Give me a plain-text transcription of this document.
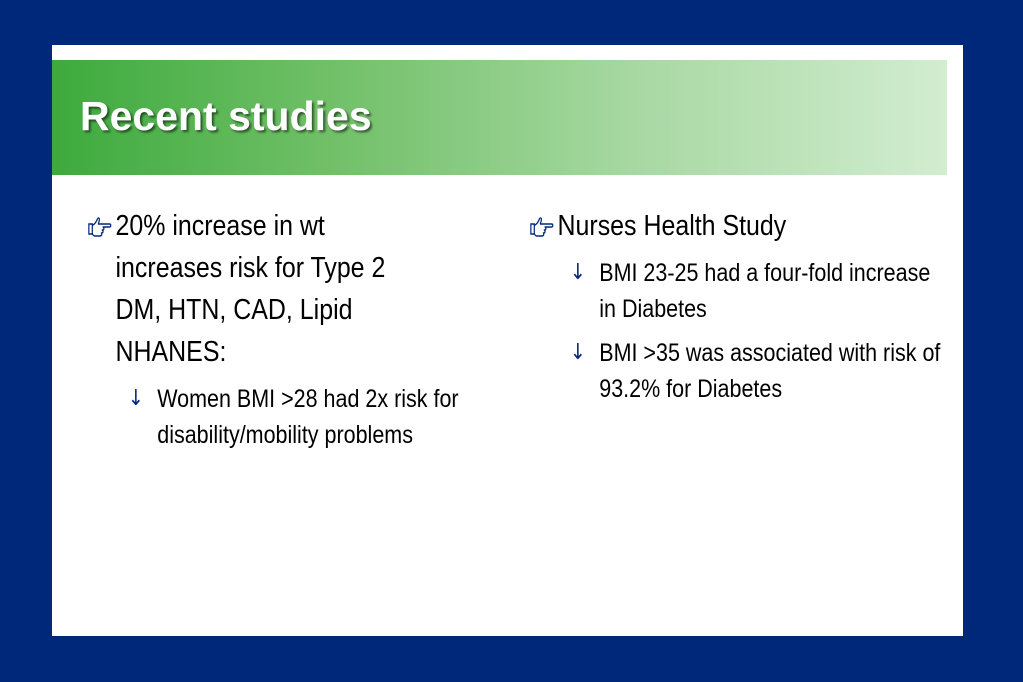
Recent studies
20% increase in wt increases risk for Type 2 DM, HTN, CAD, Lipid NHANES:
↓ Women BMI >28 had 2x risk for disability/mobility problems
Nurses Health Study
↓ BMI 23-25 had a four-fold increase in Diabetes
↓ BMI >35 was associated with risk of 93.2% for Diabetes
